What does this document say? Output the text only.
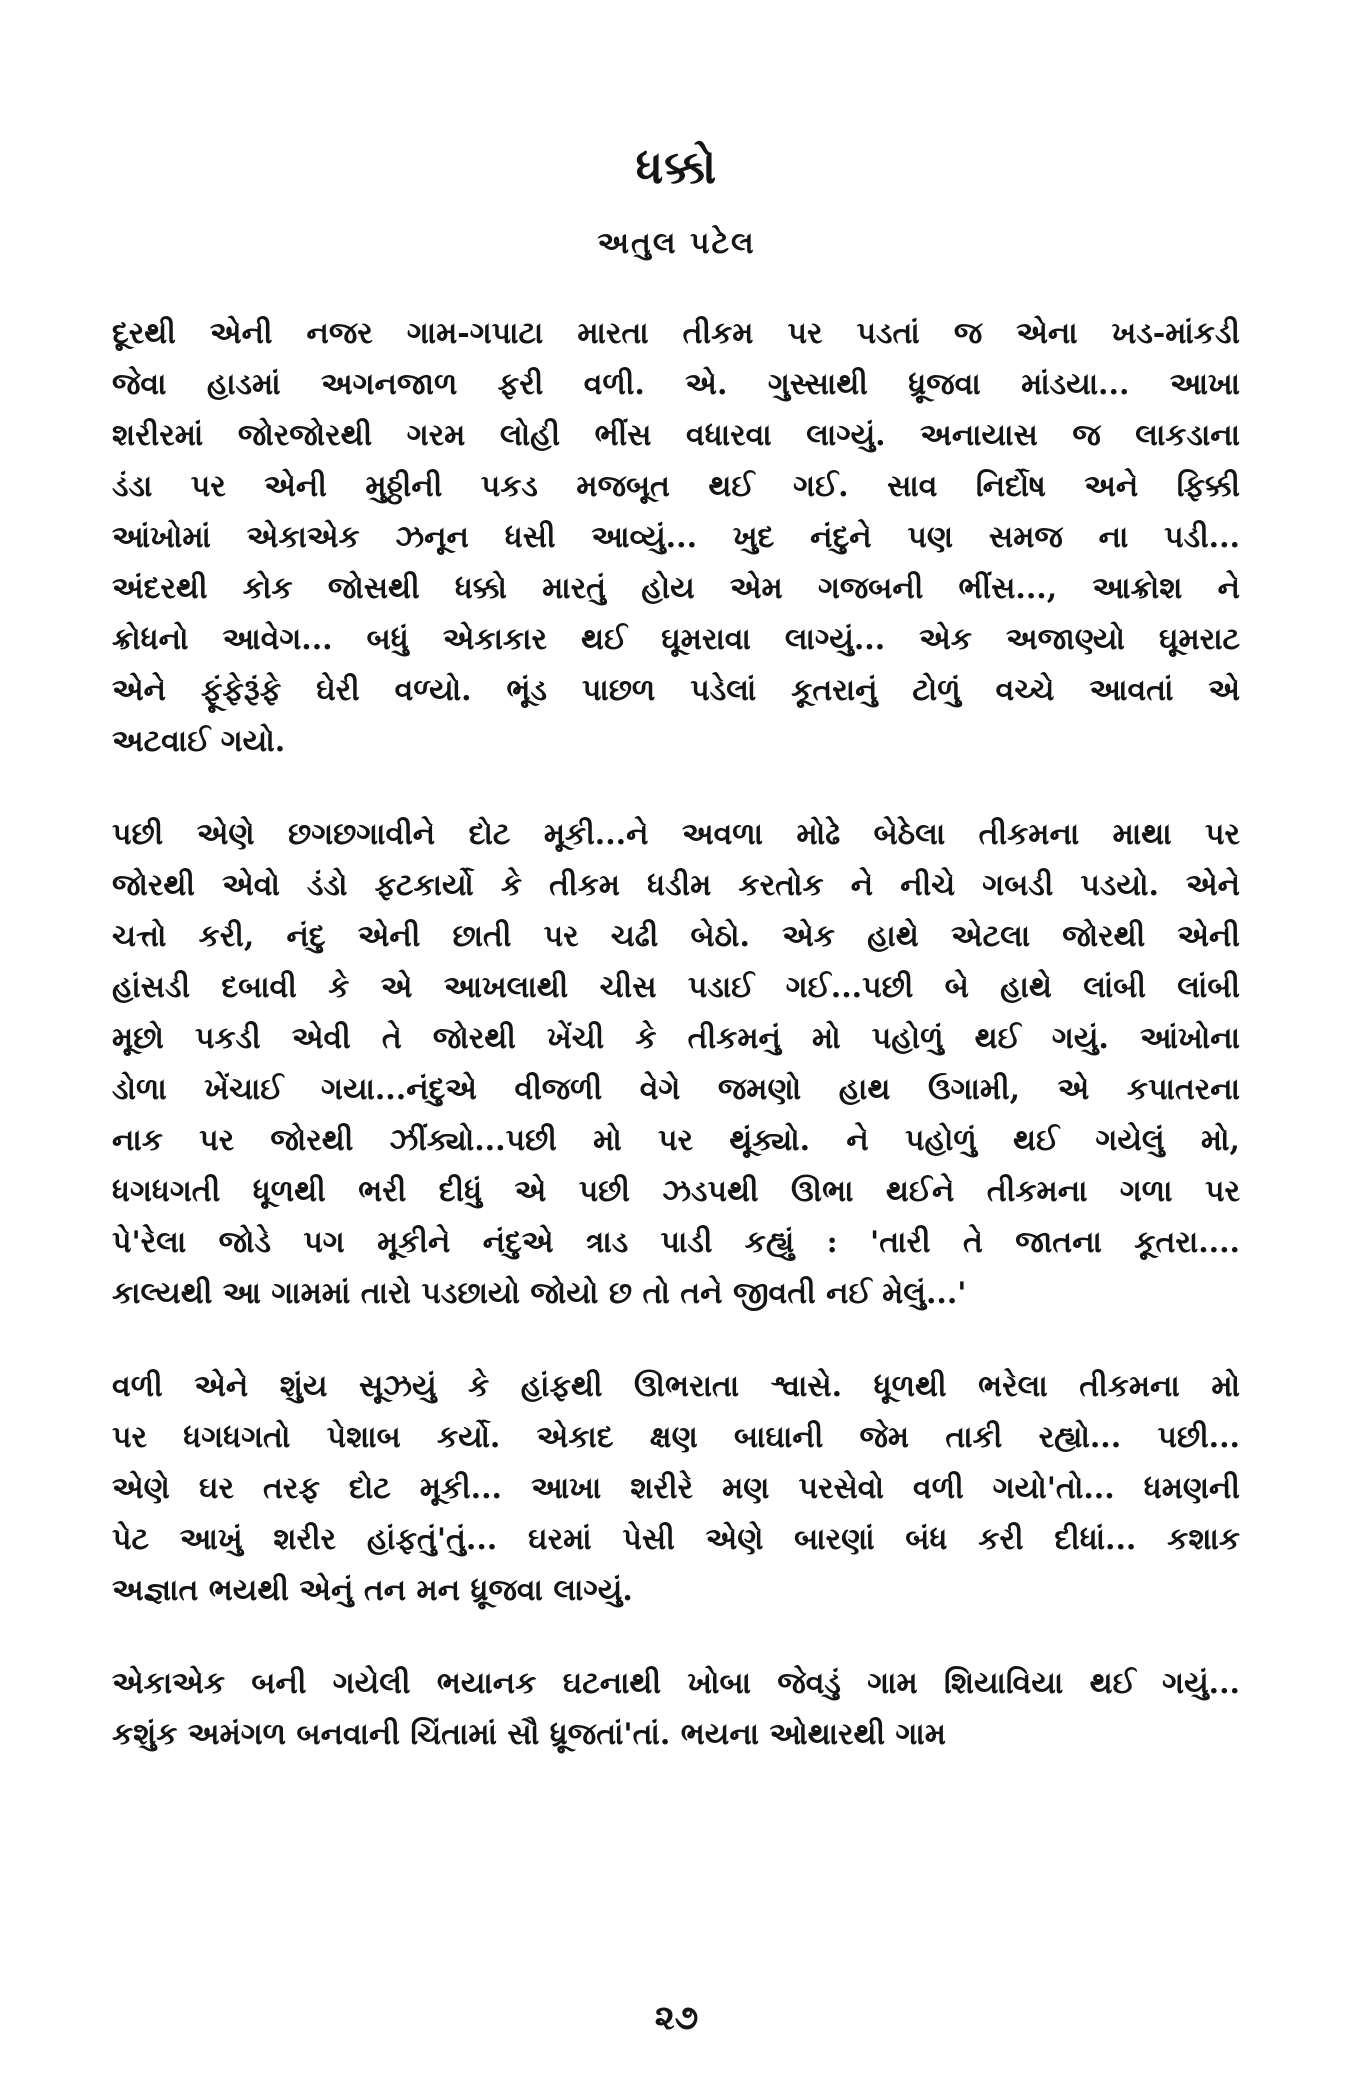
ધક્કો
અતુલ પટેલ
દૂરથી એની નજર ગામ-ગપાટા મારતા તીકમ પર પડતાં જ એના ખડ-માંકડી
જેવા હાડમાં અગનજાળ ફરી વળી. એ. ગુસ્સાથી ધ્રૂજવા માંડયા... આખા
શરીરમાં જોરજોરથી ગરમ લોહી ભીંસ વધારવા લાગ્યું. અનાયાસ જ લાકડાના
ડંડા પર એની મુઠ્ઠીની પકડ મજબૂત થઈ ગઈ. સાવ નિર્દોષ અને ફિક્કી
આંખોમાં એકાએક ઝનૂન ધસી આવ્યું... ખુદ નંદુને પણ સમજ ના પડી...
અંદરથી કોક જોસથી ધક્કો મારતું હોય એમ ગજબની ભીંસ..., આક્રોશ ને
ક્રોધનો આવેગ... બધું એકાકાર થઈ ઘૂમરાવા લાગ્યું... એક અજાણ્યો ઘૂમરાટ
એને ફૂંફેરૂંફે ઘેરી વળ્યો. ભૂંડ પાછળ પડેલાં કૂતરાનું ટોળું વચ્ચે આવતાં એ
અટવાઈ ગયો.
પછી એણે છગછગાવીને દોટ મૂકી...ને અવળા મોઢે બેઠેલા તીકમના માથા પર
જોરથી એવો ડંડો ફટકાર્યો કે તીકમ ધડીમ કરતોક ને નીચે ગબડી પડયો. એને
ચત્તો કરી, નંદુ એની છાતી પર ચઢી બેઠો. એક હાથે એટલા જોરથી એની
હાંસડી દબાવી કે એ આખલાથી ચીસ પડાઈ ગઈ...પછી બે હાથે લાંબી લાંબી
મૂછો પકડી એવી તે જોરથી ખેંચી કે તીકમનું મો પહોળું થઈ ગયું. આંખોના
ડોળા ખેંચાઈ ગયા...નંદુએ વીજળી વેગે જમણો હાથ ઉગામી, એ કપાતરના
નાક પર જોરથી ઝીંક્યો...પછી મો પર થૂંક્યો. ને પહોળું થઈ ગયેલું મો,
ધગધગતી ધૂળથી ભરી દીધું એ પછી ઝડપથી ઊભા થઈને તીકમના ગળા પર
પે'રેલા જોડે પગ મૂકીને નંદુએ ત્રાડ પાડી કહ્યું : 'તારી તે જાતના કૂતરા....
કાલ્યથી આ ગામમાં તારો પડછાયો જોયો છ તો તને જીવતી નઈ મેલું...'
વળી એને શુંય સૂઝયું કે હાંફથી ઊભરાતા શ્વાસે. ધૂળથી ભરેલા તીકમના મો
પર ધગધગતો પેશાબ કર્યો. એકાદ ક્ષણ બાઘાની જેમ તાકી રહ્યો... પછી...
એણે ઘર તરફ દોટ મૂકી... આખા શરીરે મણ પરસેવો વળી ગયો'તો... ધમણની
પેટ આખું શરીર હાંફતું'તું... ઘરમાં પેસી એણે બારણાં બંધ કરી દીધાં... કશાક
અજ્ઞાત ભયથી એનું તન મન ધ્રૂજવા લાગ્યું.
એકાએક બની ગયેલી ભયાનક ઘટનાથી ખોબા જેવડું ગામ શિયાવિયા થઈ ગયું...
કશુંક અમંગળ બનવાની ચિંતામાં સૌ ધ્રૂજતાં'તાં. ભયના ઓથારથી ગામ
૨૭
